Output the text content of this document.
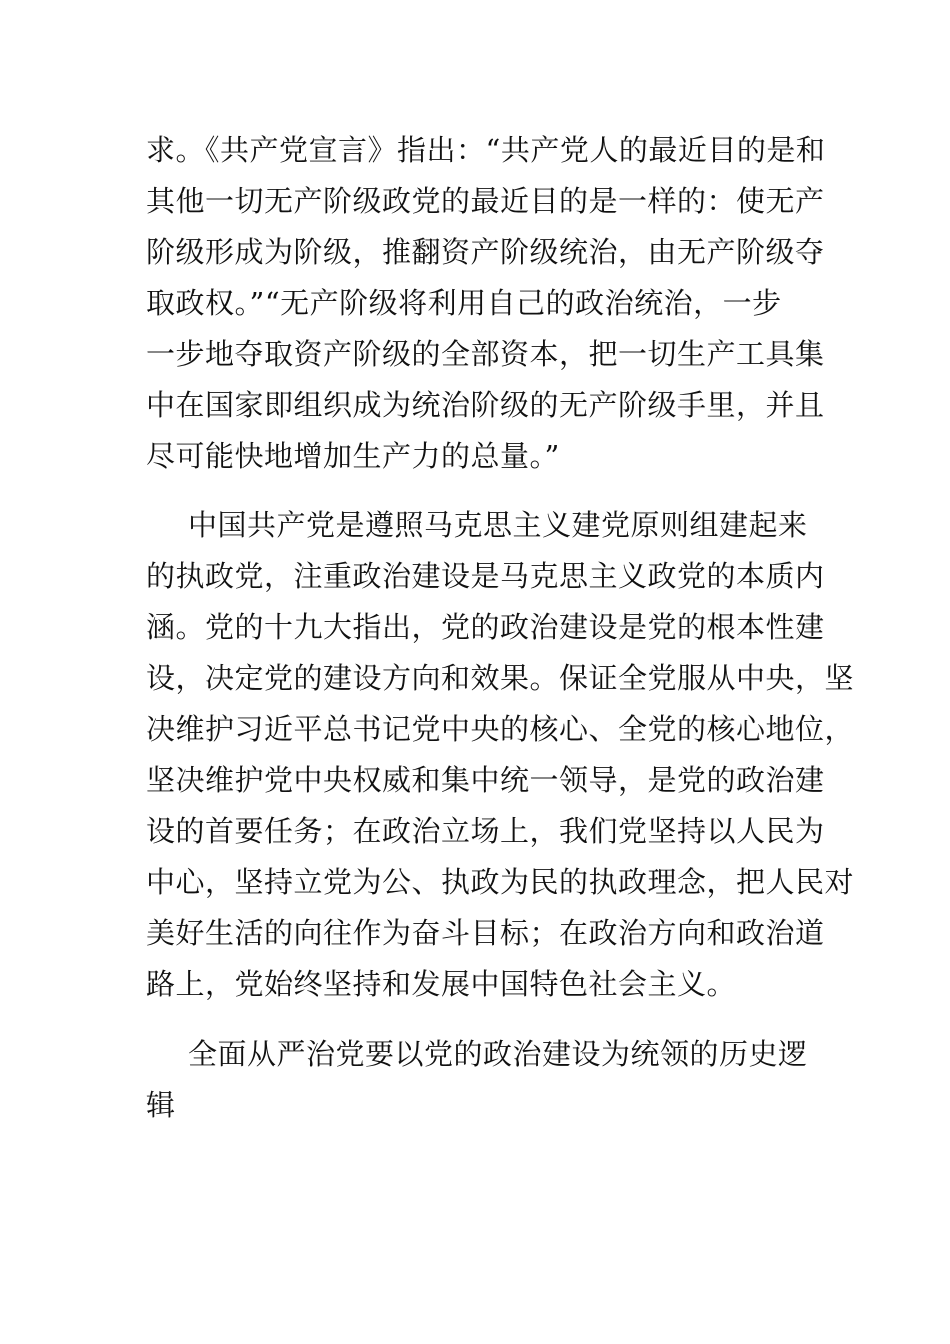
求。《共产党宣言》指出：“共产党人的最近目的是和
其他一切无产阶级政党的最近目的是一样的：使无产
阶级形成为阶级，推翻资产阶级统治，由无产阶级夺
取政权。”“无产阶级将利用自己的政治统治，一步
一步地夺取资产阶级的全部资本，把一切生产工具集
中在国家即组织成为统治阶级的无产阶级手里，并且
尽可能快地增加生产力的总量。”
中国共产党是遵照马克思主义建党原则组建起来
的执政党，注重政治建设是马克思主义政党的本质内
涵。党的十九大指出，党的政治建设是党的根本性建
设，决定党的建设方向和效果。保证全党服从中央，坚
决维护习近平总书记党中央的核心、全党的核心地位，
坚决维护党中央权威和集中统一领导，是党的政治建
设的首要任务；在政治立场上，我们党坚持以人民为
中心，坚持立党为公、执政为民的执政理念，把人民对
美好生活的向往作为奋斗目标；在政治方向和政治道
路上，党始终坚持和发展中国特色社会主义。
全面从严治党要以党的政治建设为统领的历史逻
辑
